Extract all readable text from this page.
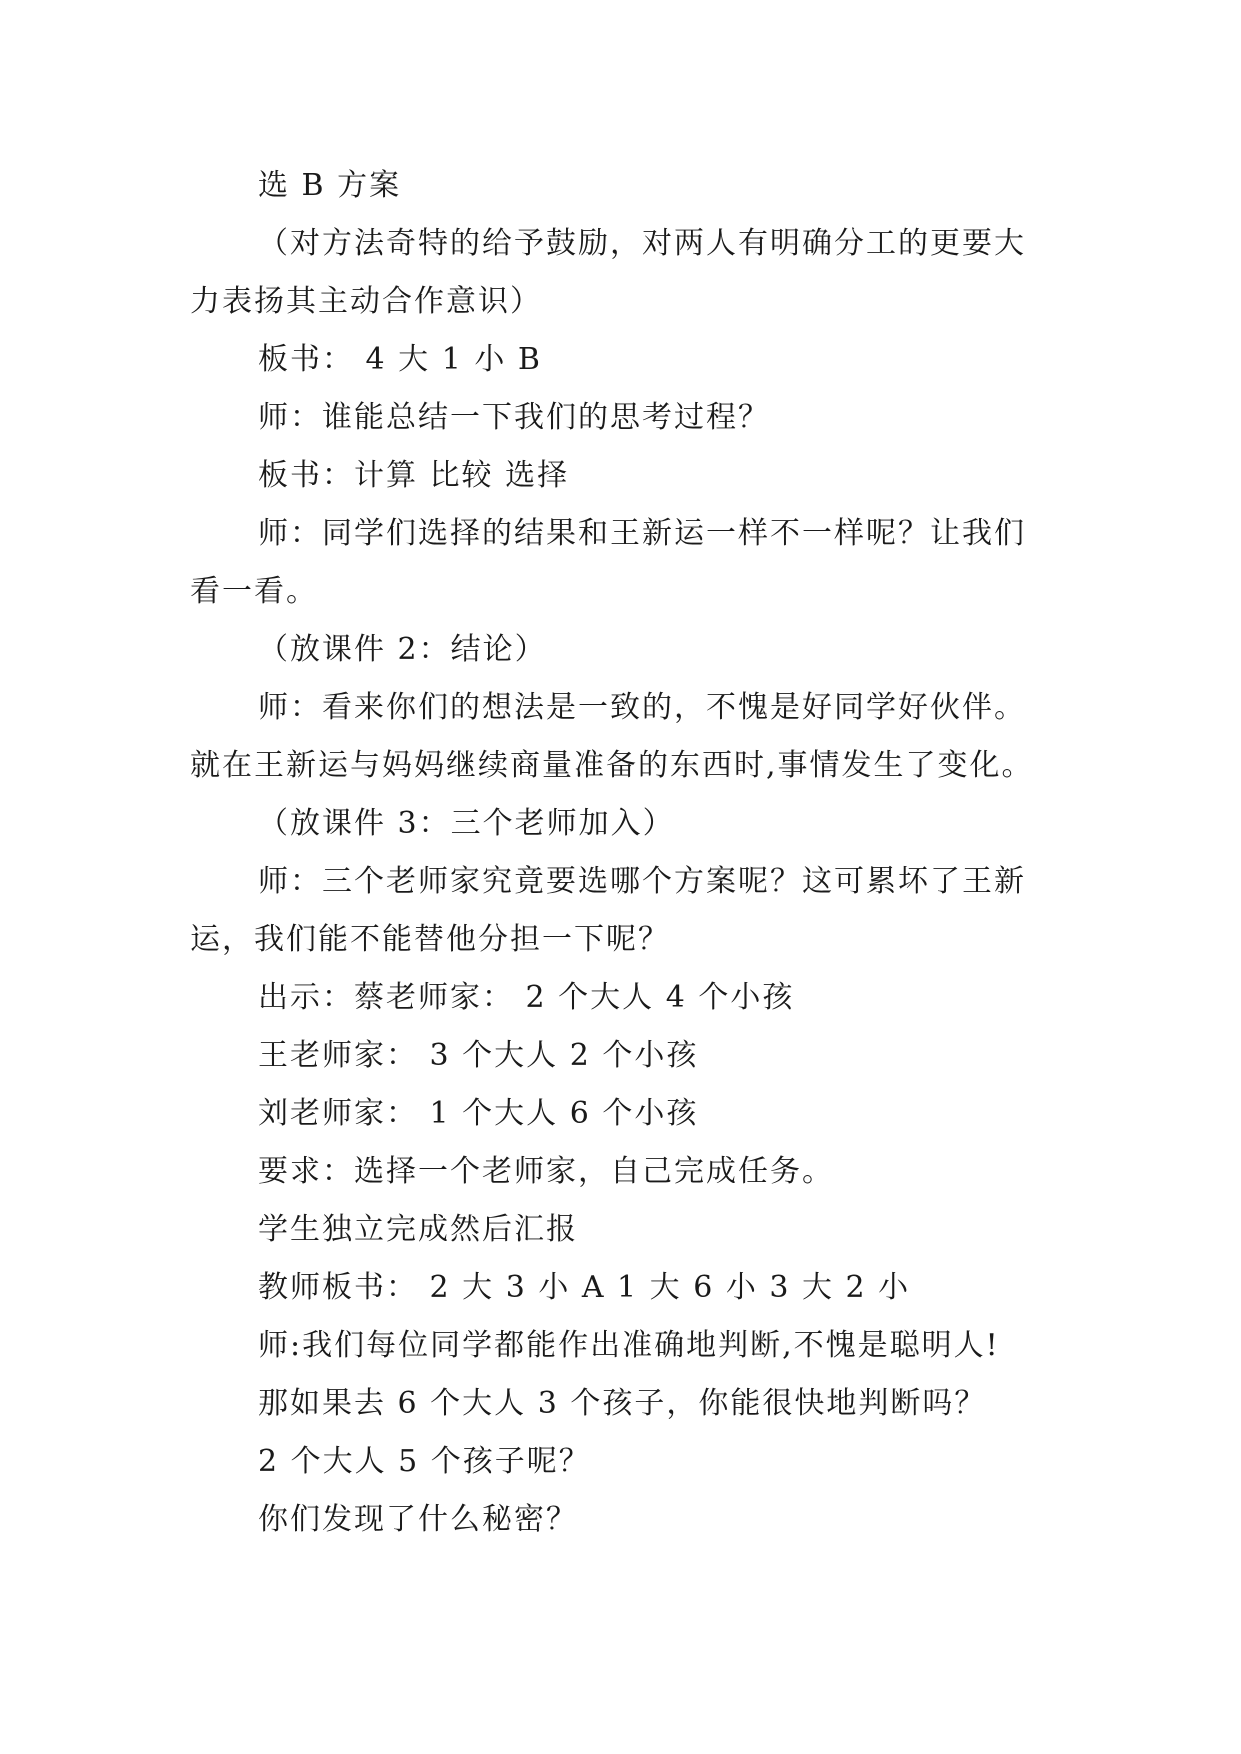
选 B 方案
（对方法奇特的给予鼓励，对两人有明确分工的更要大
力表扬其主动合作意识）
板书： 4 大 1 小 B
师：谁能总结一下我们的思考过程？
板书：计算 比较 选择
师：同学们选择的结果和王新运一样不一样呢？让我们
看一看。
（放课件 2：结论）
师：看来你们的想法是一致的，不愧是好同学好伙伴。
就在王新运与妈妈继续商量准备的东西时,事情发生了变化。
（放课件 3：三个老师加入）
师：三个老师家究竟要选哪个方案呢？这可累坏了王新
运，我们能不能替他分担一下呢？
出示：蔡老师家： 2 个大人 4 个小孩
王老师家： 3 个大人 2 个小孩
刘老师家： 1 个大人 6 个小孩
要求：选择一个老师家，自己完成任务。
学生独立完成然后汇报
教师板书： 2 大 3 小 A 1 大 6 小 3 大 2 小
师:我们每位同学都能作出准确地判断,不愧是聪明人!
那如果去 6 个大人 3 个孩子，你能很快地判断吗？
2 个大人 5 个孩子呢？
你们发现了什么秘密？
